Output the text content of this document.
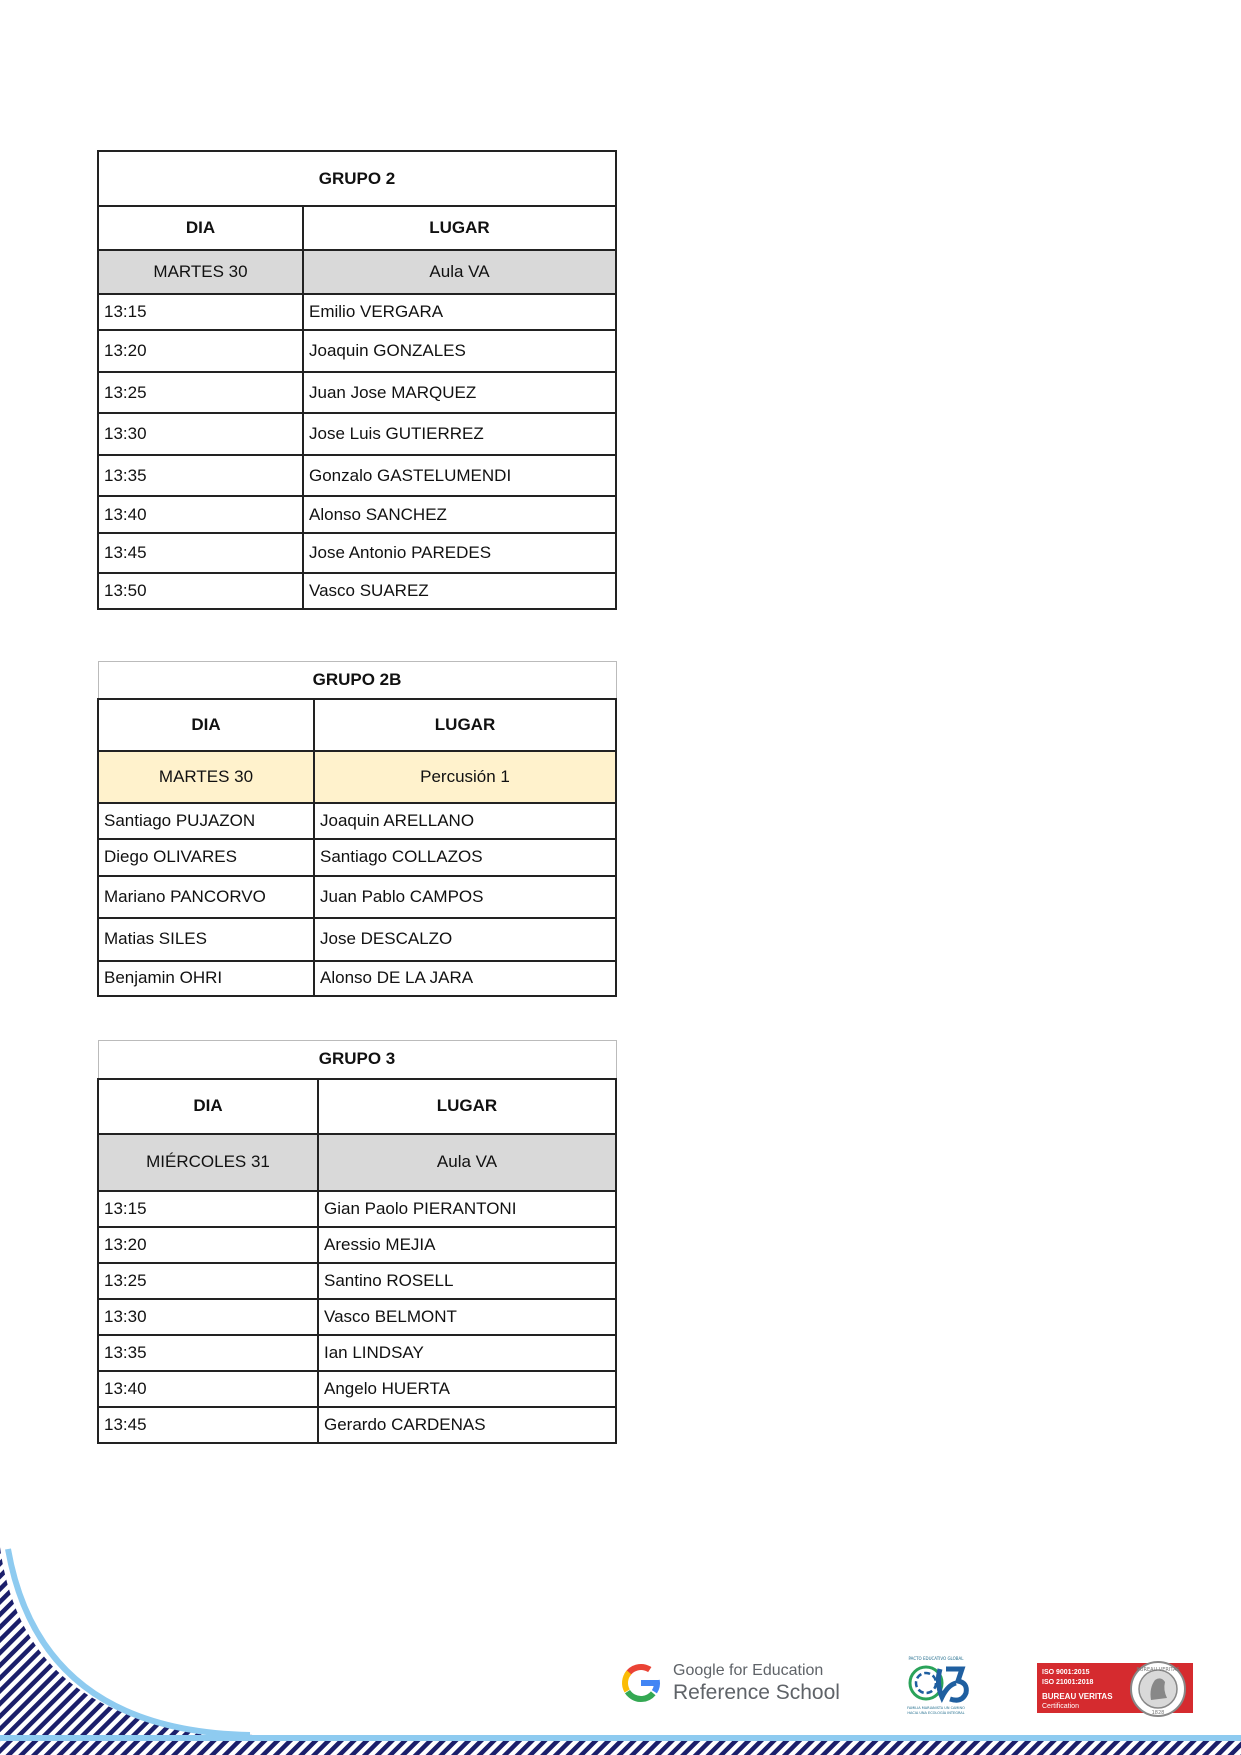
GRUPO 2	
DIA	LUGAR
MARTES 30	Aula VA
13:15	Emilio VERGARA
13:20	Joaquin GONZALES
13:25	Juan Jose MARQUEZ
13:30	Jose Luis GUTIERREZ
13:35	Gonzalo GASTELUMENDI
13:40	Alonso SANCHEZ
13:45	Jose Antonio PAREDES
13:50	Vasco SUAREZ
GRUPO 2B	
DIA	LUGAR
MARTES 30	Percusión 1
Santiago PUJAZON	Joaquin ARELLANO
Diego OLIVARES	Santiago COLLAZOS
Mariano PANCORVO	Juan Pablo CAMPOS
Matias SILES	Jose DESCALZO
Benjamin OHRI	Alonso DE LA JARA
GRUPO 3	
DIA	LUGAR
MIÉRCOLES 31	Aula VA
13:15	Gian Paolo PIERANTONI
13:20	Aressio MEJIA
13:25	Santino ROSELL
13:30	Vasco BELMONT
13:35	Ian LINDSAY
13:40	Angelo HUERTA
13:45	Gerardo CARDENAS
Google for Education
Reference School
PACTO EDUCATIVO GLOBAL
FAMILIA MARIANISTA UN CAMINO
HACIA UNA ECOLOGÍA INTEGRAL
ISO 9001:2015
ISO 21001:2018
BUREAU VERITAS
Certification
BUREAU VERITAS
1828
